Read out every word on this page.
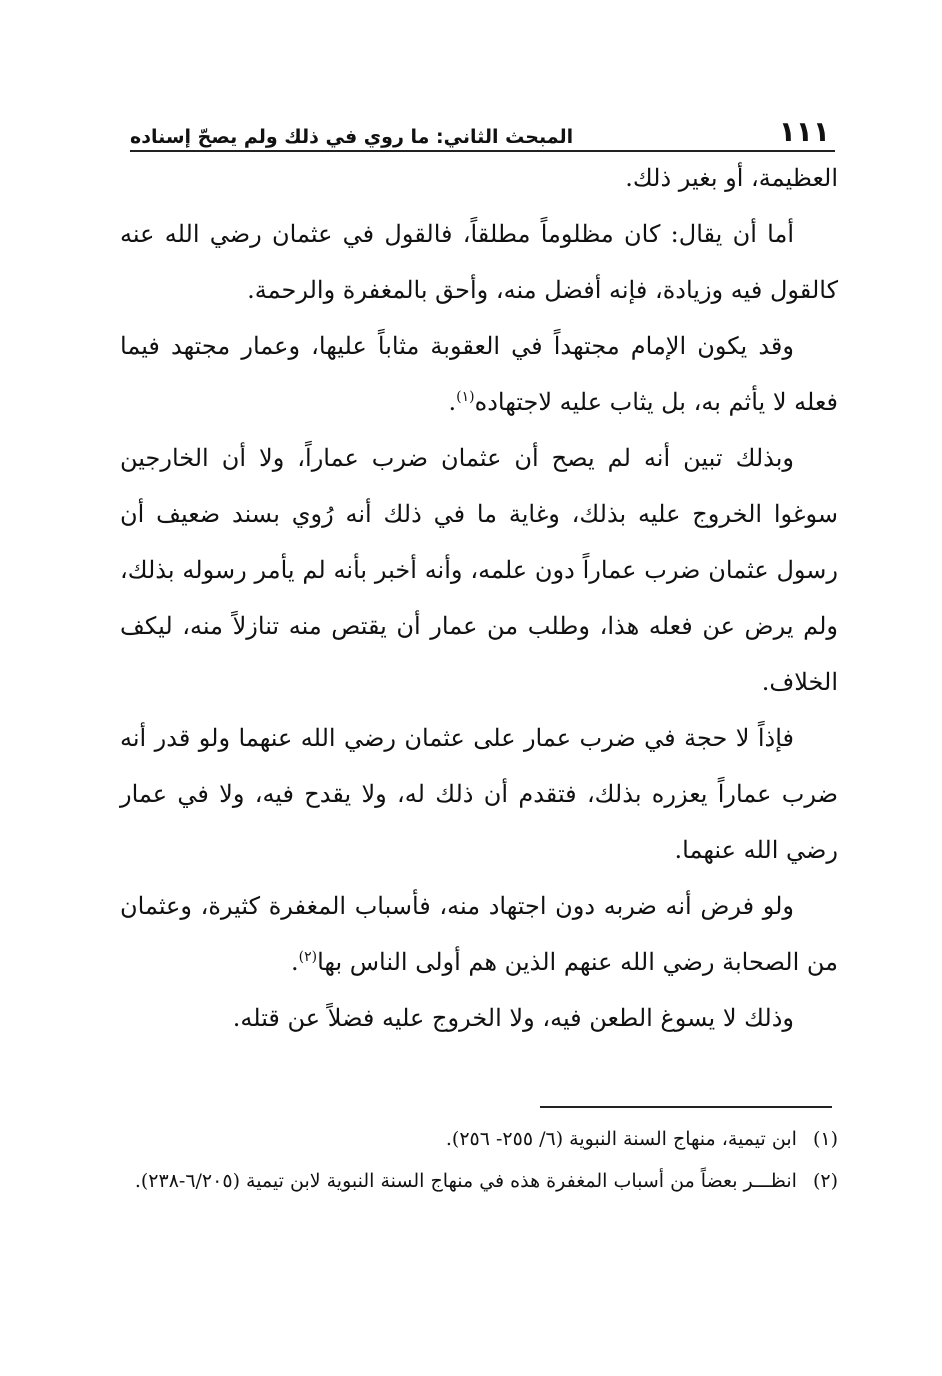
١١١
المبحث الثاني: ما روي في ذلك ولم يصحّ إسناده

العظيمة، أو بغير ذلك.

أما أن يقال: كان مظلوماً مطلقاً، فالقول في عثمان رضي الله عنه كالقول فيه وزيادة، فإنه أفضل منه، وأحق بالمغفرة والرحمة.

وقد يكون الإمام مجتهداً في العقوبة مثاباً عليها، وعمار مجتهد فيما فعله لا يأثم به، بل يثاب عليه لاجتهاده$^{(١)}$.

وبذلك تبين أنه لم يصح أن عثمان ضرب عماراً، ولا أن الخارجين سوغوا الخروج عليه بذلك، وغاية ما في ذلك أنه رُوي بسند ضعيف أن رسول عثمان ضرب عماراً دون علمه، وأنه أخبر بأنه لم يأمر رسوله بذلك، ولم يرض عن فعله هذا، وطلب من عمار أن يقتص منه تنازلاً منه، ليكف الخلاف.

فإذاً لا حجة في ضرب عمار على عثمان رضي الله عنهما ولو قدر أنه ضرب عماراً يعزره بذلك، فتقدم أن ذلك له، ولا يقدح فيه، ولا في عمار رضي الله عنهما.

ولو فرض أنه ضربه دون اجتهاد منه، فأسباب المغفرة كثيرة، وعثمان من الصحابة رضي الله عنهم الذين هم أولى الناس بها$^{(٢)}$.

وذلك لا يسوغ الطعن فيه، ولا الخروج عليه فضلاً عن قتله.

(١) ابن تيمية، منهاج السنة النبوية (٦/ ٢٥٥- ٢٥٦).

(٢) انظـــر بعضاً من أسباب المغفرة هذه في منهاج السنة النبوية لابن تيمية (٦/٢٠٥-٢٣٨).
